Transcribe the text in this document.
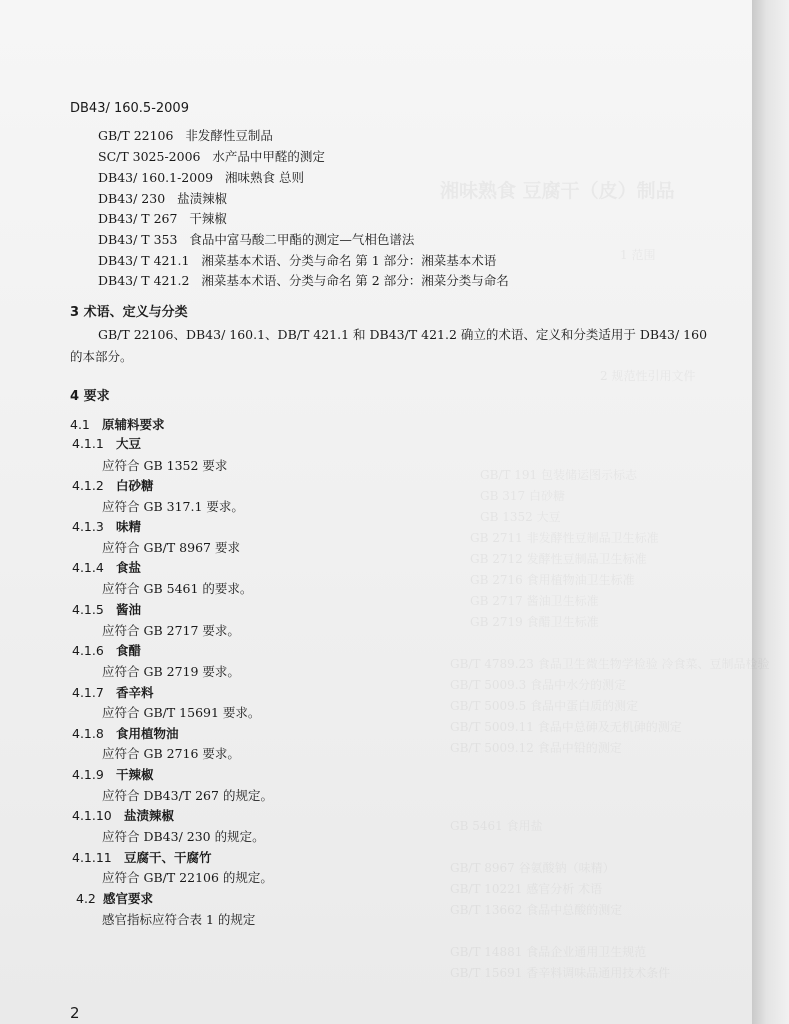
湘味熟食 豆腐干（皮）制品
1 范围
2 规范性引用文件
GB/T 191 包装储运图示标志
GB 317 白砂糖
GB 1352 大豆
GB 2711 非发酵性豆制品卫生标准
GB 2712 发酵性豆制品卫生标准
GB 2716 食用植物油卫生标准
GB 2717 酱油卫生标准
GB 2719 食醋卫生标准
GB/T 4789.23 食品卫生微生物学检验 冷食菜、豆制品检验
GB/T 5009.3 食品中水分的测定
GB/T 5009.5 食品中蛋白质的测定
GB/T 5009.11 食品中总砷及无机砷的测定
GB/T 5009.12 食品中铅的测定
GB 5461 食用盐
GB/T 8967 谷氨酸钠（味精）
GB/T 10221 感官分析 术语
GB/T 13662 食品中总酸的测定
GB/T 14881 食品企业通用卫生规范
GB/T 15691 香辛料调味品通用技术条件
DB43/ 160.5-2009
GB/T 22106 非发酵性豆制品
SC/T 3025-2006 水产品中甲醛的测定
DB43/ 160.1-2009 湘味熟食 总则
DB43/ 230 盐渍辣椒
DB43/ T 267 干辣椒
DB43/ T 353 食品中富马酸二甲酯的测定—气相色谱法
DB43/ T 421.1 湘菜基本术语、分类与命名 第 1 部分：湘菜基本术语
DB43/ T 421.2 湘菜基本术语、分类与命名 第 2 部分：湘菜分类与命名
3 术语、定义与分类
GB/T 22106、DB43/ 160.1、DB/T 421.1 和 DB43/T 421.2 确立的术语、定义和分类适用于 DB43/ 160 的本部分。
4 要求
4.1 原辅料要求
4.1.1 大豆
应符合 GB 1352 要求
4.1.2 白砂糖
应符合 GB 317.1 要求。
4.1.3 味精
应符合 GB/T 8967 要求
4.1.4 食盐
应符合 GB 5461 的要求。
4.1.5 酱油
应符合 GB 2717 要求。
4.1.6 食醋
应符合 GB 2719 要求。
4.1.7 香辛料
应符合 GB/T 15691 要求。
4.1.8 食用植物油
应符合 GB 2716 要求。
4.1.9 干辣椒
应符合 DB43/T 267 的规定。
4.1.10 盐渍辣椒
应符合 DB43/ 230 的规定。
4.1.11 豆腐干、干腐竹
应符合 GB/T 22106 的规定。
4.2 感官要求
感官指标应符合表 1 的规定
2
